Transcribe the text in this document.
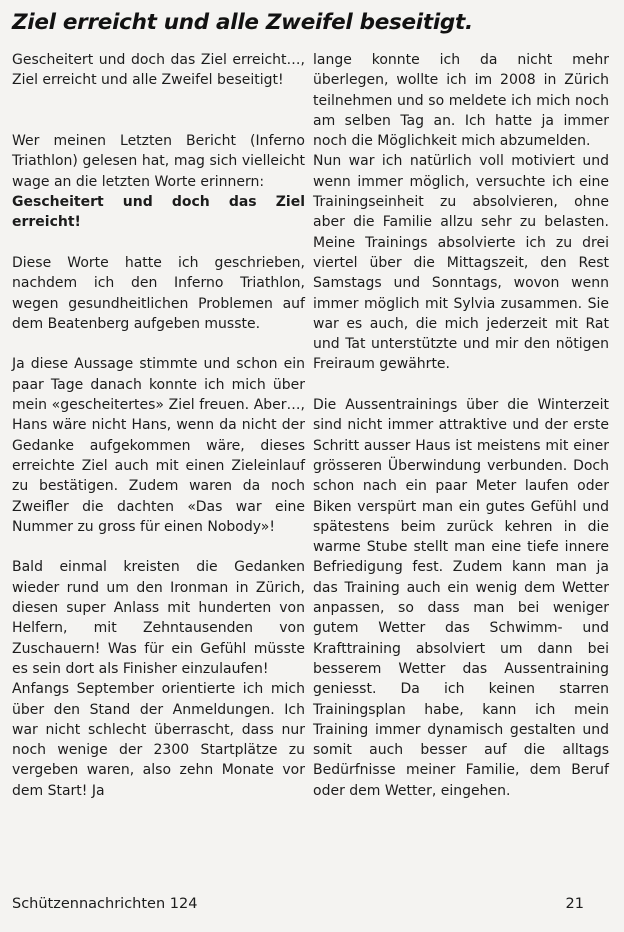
Ziel erreicht und alle Zweifel beseitigt.

Gescheitert und doch das Ziel erreicht…, Ziel erreicht und alle Zweifel beseitigt!

Wer meinen Letzten Bericht (Inferno Triathlon) gelesen hat, mag sich vielleicht wage an die letzten Worte erinnern:

Gescheitert und doch das Ziel erreicht!

Diese Worte hatte ich geschrieben, nachdem ich den Inferno Triathlon, wegen gesundheitlichen Problemen auf dem Beatenberg aufgeben musste.

Ja diese Aussage stimmte und schon ein paar Tage danach konnte ich mich über mein «gescheitertes» Ziel freuen. Aber…, Hans wäre nicht Hans, wenn da nicht der Gedanke aufgekommen wäre, dieses erreichte Ziel auch mit einen Zieleinlauf zu bestätigen. Zudem waren da noch Zweifler die dachten «Das war eine Nummer zu gross für einen Nobody»!

Bald einmal kreisten die Gedanken wieder rund um den Ironman in Zürich, diesen super Anlass mit hunderten von Helfern, mit Zehntausenden von Zuschauern! Was für ein Gefühl müsste es sein dort als Finisher einzulaufen!

Anfangs September orientierte ich mich über den Stand der Anmeldungen. Ich war nicht schlecht überrascht, dass nur noch wenige der 2300 Startplätze zu vergeben waren, also zehn Monate vor dem Start! Ja

lange konnte ich da nicht mehr überlegen, wollte ich im 2008 in Zürich teilnehmen und so meldete ich mich noch am selben Tag an. Ich hatte ja immer noch die Möglichkeit mich abzumelden.

Nun war ich natürlich voll motiviert und wenn immer möglich, versuchte ich eine Trainingseinheit zu absolvieren, ohne aber die Familie allzu sehr zu belasten. Meine Trainings absolvierte ich zu drei viertel über die Mittagszeit, den Rest Samstags und Sonntags, wovon wenn immer möglich mit Sylvia zusammen. Sie war es auch, die mich jederzeit mit Rat und Tat unterstützte und mir den nötigen Freiraum gewährte.

Die Aussentrainings über die Winterzeit sind nicht immer attraktive und der erste Schritt ausser Haus ist meistens mit einer grösseren Überwindung verbunden. Doch schon nach ein paar Meter laufen oder Biken verspürt man ein gutes Gefühl und spätestens beim zurück kehren in die warme Stube stellt man eine tiefe innere Befriedigung fest. Zudem kann man ja das Training auch ein wenig dem Wetter anpassen, so dass man bei weniger gutem Wetter das Schwimm- und Krafttraining absolviert um dann bei besserem Wetter das Aussentraining geniesst. Da ich keinen starren Trainingsplan habe, kann ich mein Training immer dynamisch gestalten und somit auch besser auf die alltags Bedürfnisse meiner Familie, dem Beruf oder dem Wetter, eingehen.

Schützennachrichten 124	21
